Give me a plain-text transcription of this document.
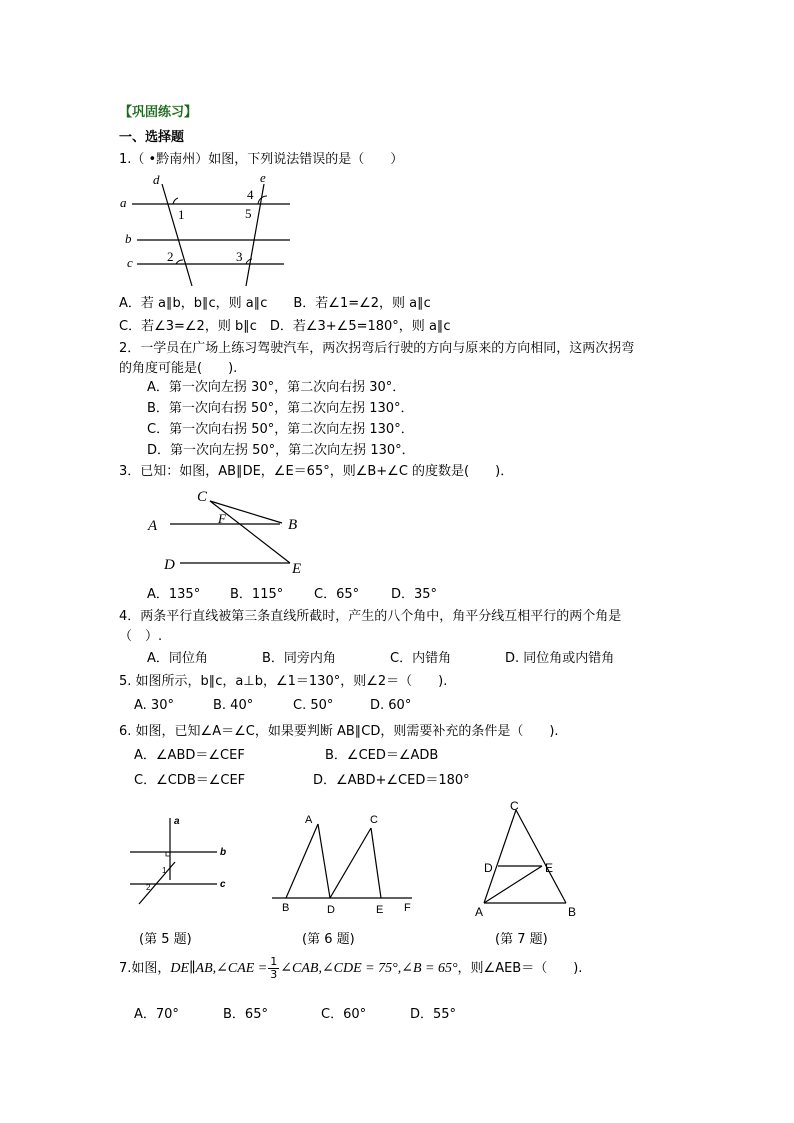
【巩固练习】
一、选择题
1.（ •黔南州）如图，下列说法错误的是（　　）
a
b
c
d	e
1
2	3
4
5
A．若 a∥b，b∥c，则 a∥c　　B．若∠1=∠2，则 a∥c
C．若∠3=∠2，则 b∥c　D．若∠3+∠5=180°，则 a∥c
2．一学员在广场上练习驾驶汽车，两次拐弯后行驶的方向与原来的方向相同，这两次拐弯
的角度可能是(　　).
A．第一次向左拐 30°，第二次向右拐 30°．
B．第一次向右拐 50°，第二次向左拐 130°．
C．第一次向右拐 50°，第二次向左拐 130°．
D．第一次向左拐 50°，第二次向左拐 130°．
3．已知：如图，AB∥DE，∠E＝65°，则∠B+∠C 的度数是(　　)．
A	B
C
D	E
F
A．135° B．115° C．65° D．35°
4．两条平行直线被第三条直线所截时，产生的八个角中，角平分线互相平行的两个角是
（　）.
A．同位角	B．同旁内角	C．内错角	D. 同位角或内错角
5. 如图所示，b∥c，a⊥b，∠1＝130°，则∠2＝（　　).
A. 30°	B. 40°	C. 50°	D. 60°
6. 如图，已知∠A＝∠C，如果要判断 AB∥CD，则需要补充的条件是（　　).
A．∠ABD＝∠CEF	B．∠CED＝∠ADB
C．∠CDB＝∠CEF	D．∠ABD+∠CED＝180°
a
b
c
1
2
(第 5 题)
A	C
B	D	E F
(第 6 题)
C
D	E
A	B
(第 7 题)
7.如图，DE∥AB,∠CAE = $\frac{1}{3}$ ∠CAB,∠CDE = 75°,∠B = 65°，则∠AEB＝（　　).
A．70°	B．65°	C．60°	D．55°
